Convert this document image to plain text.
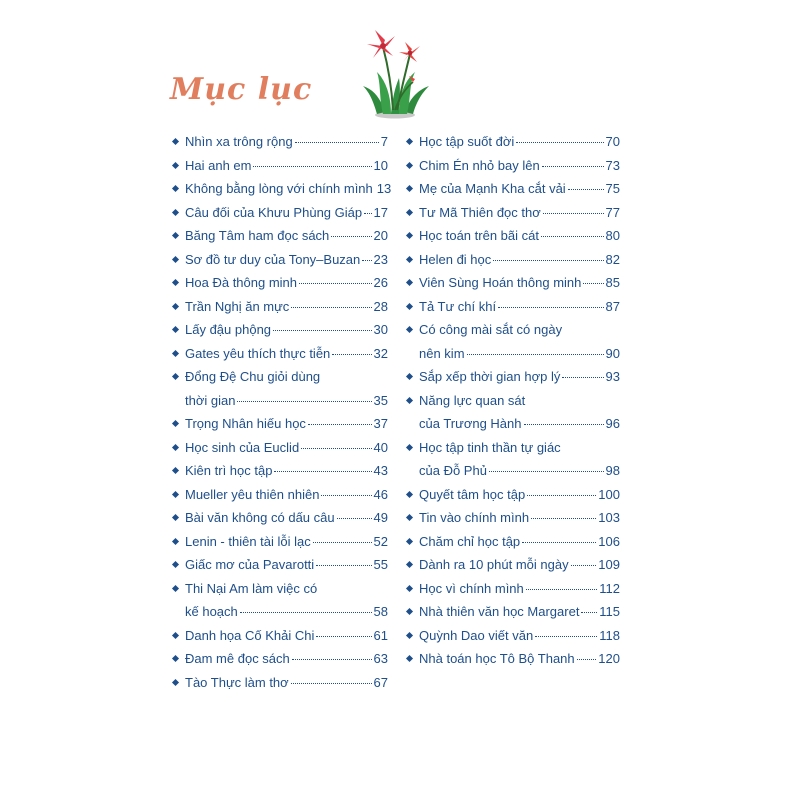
Mục lục
Nhìn xa trông rộng	7
Hai anh em	10
Không bằng lòng với chính mình 13
Câu đối của Khưu Phùng Giáp 17
Băng Tâm ham đọc sách	20
Sơ đồ tư duy của Tony–Buzan 23
Hoa Đà thông minh	26
Trần Nghị ăn mực	28
Lấy đậu phộng	30
Gates yêu thích thực tiễn	32
Đổng Đệ Chu giỏi dùng
thời gian	35
Trọng Nhân hiếu học	37
Học sinh của Euclid	40
Kiên trì học tập	43
Mueller yêu thiên nhiên	46
Bài văn không có dấu câu	49
Lenin - thiên tài lỗi lạc	52
Giấc mơ của Pavarotti	55
Thi Nại Am làm việc có
kế hoạch	58
Danh họa Cố Khải Chi	61
Đam mê đọc sách	63
Tào Thực làm thơ	67
Học tập suốt đời	70
Chim Én nhỏ bay lên	73
Mẹ của Mạnh Kha cắt vải	75
Tư Mã Thiên đọc thơ	77
Học toán trên bãi cát	80
Helen đi học	82
Viên Sùng Hoán thông minh 85
Tả Tư chí khí	87
Có công mài sắt có ngày
nên kim	90
Sắp xếp thời gian hợp lý	93
Năng lực quan sát
của Trương Hành	96
Học tập tinh thần tự giác
của Đỗ Phủ	98
Quyết tâm học tập	100
Tin vào chính mình	103
Chăm chỉ học tập	106
Dành ra 10 phút mỗi ngày 109
Học vì chính mình	112
Nhà thiên văn học Margaret 115
Quỳnh Dao viết văn	118
Nhà toán học Tô Bộ Thanh 120
